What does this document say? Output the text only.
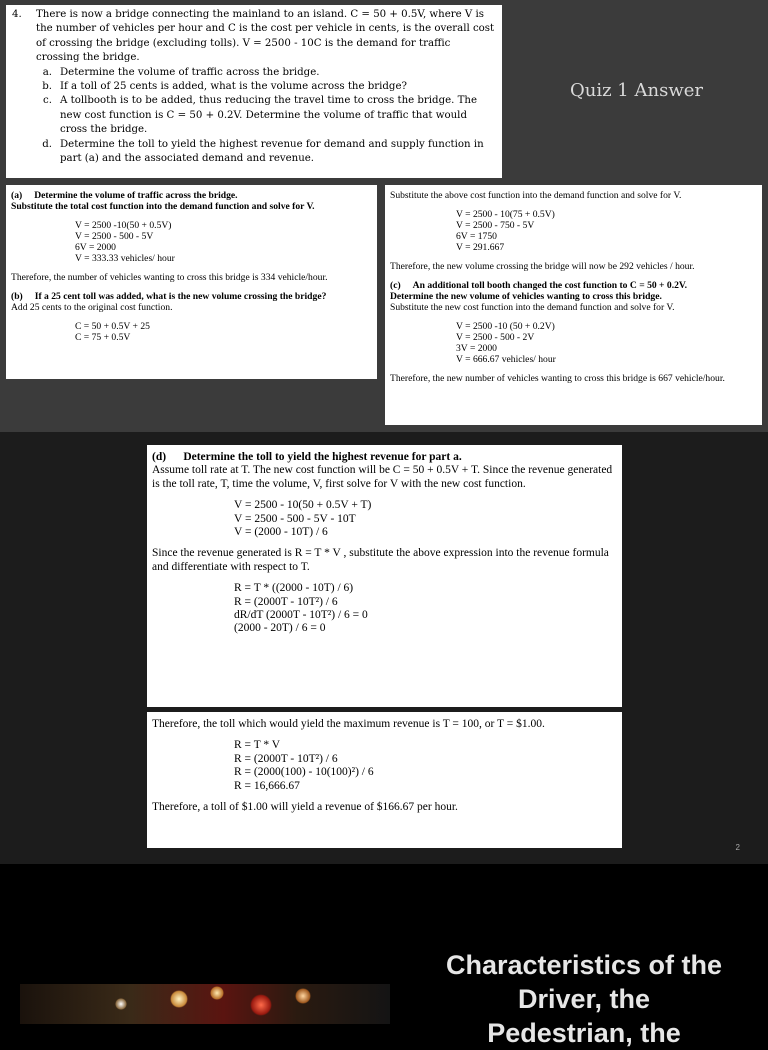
4.	There is now a bridge connecting the mainland to an island. C = 50 + 0.5V, where V is the number of vehicles per hour and C is the cost per vehicle in cents, is the overall cost of crossing the bridge (excluding tolls). V = 2500 - 10C is the demand for traffic crossing the bridge.
a. Determine the volume of traffic across the bridge.
b. If a toll of 25 cents is added, what is the volume across the bridge?
c. A tollbooth is to be added, thus reducing the travel time to cross the bridge. The new cost function is C = 50 + 0.2V. Determine the volume of traffic that would cross the bridge.
d. Determine the toll to yield the highest revenue for demand and supply function in part (a) and the associated demand and revenue.
Quiz 1 Answer
(a) Determine the volume of traffic across the bridge.
Substitute the total cost function into the demand function and solve for V.
V = 2500 -10(50 + 0.5V)
V = 2500 - 500 - 5V
6V = 2000
V = 333.33 vehicles/ hour
Therefore, the number of vehicles wanting to cross this bridge is 334 vehicle/hour.
(b) If a 25 cent toll was added, what is the new volume crossing the bridge?
Add 25 cents to the original cost function.
C = 50 + 0.5V + 25
C = 75 + 0.5V
Substitute the above cost function into the demand function and solve for V.
V = 2500 - 10(75 + 0.5V)
V = 2500 - 750 - 5V
6V = 1750
V = 291.667
Therefore, the new volume crossing the bridge will now be 292 vehicles / hour.
(c) An additional toll booth changed the cost function to C = 50 + 0.2V.
Determine the new volume of vehicles wanting to cross this bridge.
Substitute the new cost function into the demand function and solve for V.
V = 2500 -10 (50 + 0.2V)
V = 2500 - 500 - 2V
3V = 2000
V = 666.67 vehicles/ hour
Therefore, the new number of vehicles wanting to cross this bridge is 667 vehicle/hour.
(d) Determine the toll to yield the highest revenue for part a.
Assume toll rate at T. The new cost function will be C = 50 + 0.5V + T. Since the revenue generated is the toll rate, T, time the volume, V, first solve for V with the new cost function.
V = 2500 - 10(50 + 0.5V + T)
V = 2500 - 500 - 5V - 10T
V = (2000 - 10T) / 6
Since the revenue generated is R = T * V , substitute the above expression into the revenue formula and differentiate with respect to T.
R = T * ((2000 - 10T) / 6)
R = (2000T - 10T²) / 6
dR/dT (2000T - 10T²) / 6 = 0
(2000 - 20T) / 6 = 0
Therefore, the toll which would yield the maximum revenue is T = 100, or T = $1.00.
R = T * V
R = (2000T - 10T²) / 6
R = (2000(100) - 10(100)²) / 6
R = 16,666.67
Therefore, a toll of $1.00 will yield a revenue of $166.67 per hour.
2
Characteristics of the
Driver, the
Pedestrian, the
